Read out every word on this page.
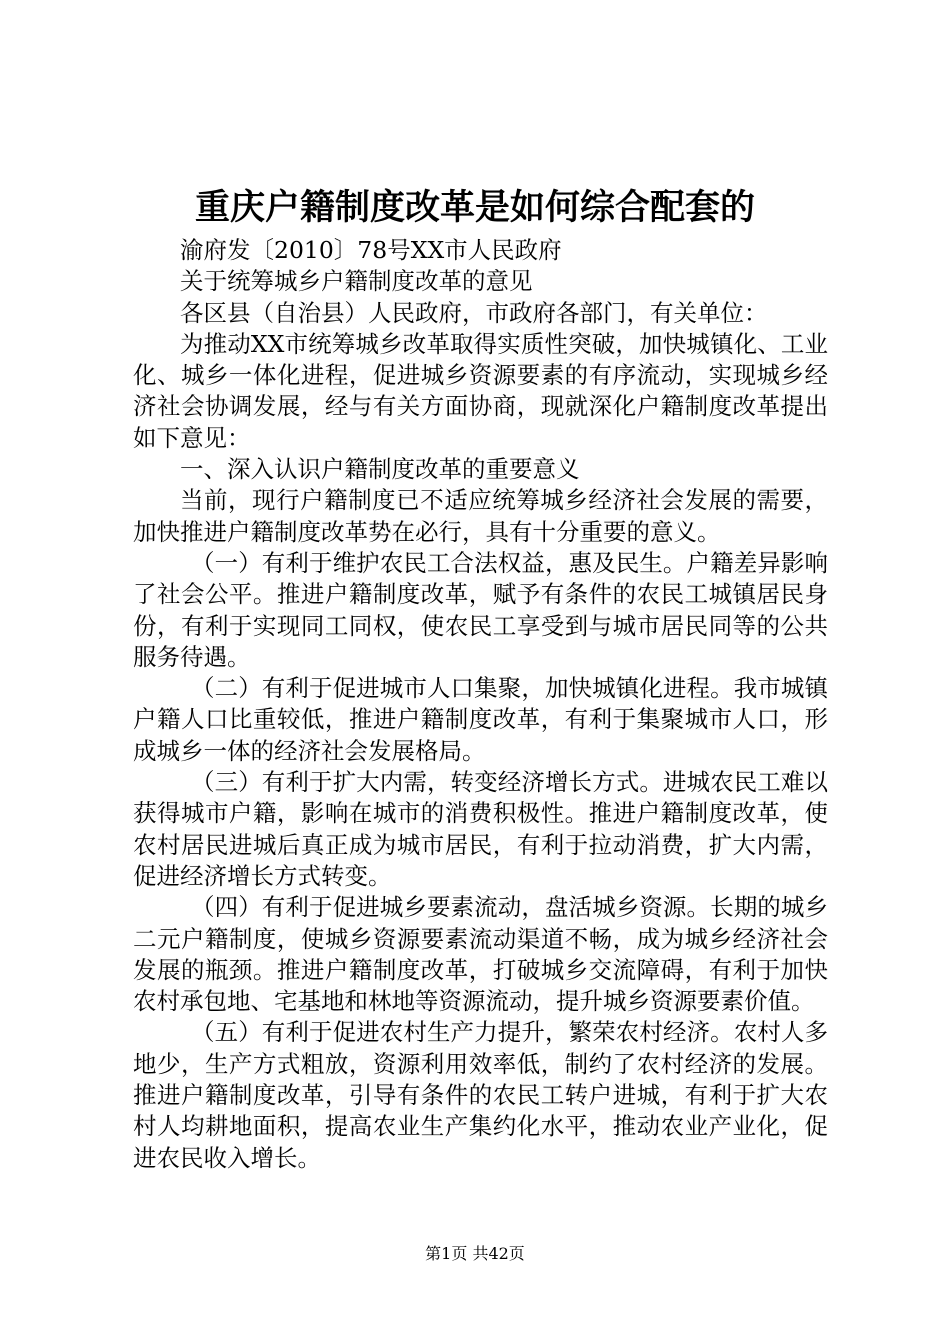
重庆户籍制度改革是如何综合配套的

渝府发〔2010〕78号XX市人民政府

关于统筹城乡户籍制度改革的意见

各区县（自治县）人民政府，市政府各部门，有关单位：

为推动XX市统筹城乡改革取得实质性突破，加快城镇化、工业化、城乡一体化进程，促进城乡资源要素的有序流动，实现城乡经济社会协调发展，经与有关方面协商，现就深化户籍制度改革提出如下意见：

一、深入认识户籍制度改革的重要意义

当前，现行户籍制度已不适应统筹城乡经济社会发展的需要，加快推进户籍制度改革势在必行，具有十分重要的意义。

（一）有利于维护农民工合法权益，惠及民生。户籍差异影响了社会公平。推进户籍制度改革，赋予有条件的农民工城镇居民身份，有利于实现同工同权，使农民工享受到与城市居民同等的公共服务待遇。

（二）有利于促进城市人口集聚，加快城镇化进程。我市城镇户籍人口比重较低，推进户籍制度改革，有利于集聚城市人口，形成城乡一体的经济社会发展格局。

（三）有利于扩大内需，转变经济增长方式。进城农民工难以获得城市户籍，影响在城市的消费积极性。推进户籍制度改革，使农村居民进城后真正成为城市居民，有利于拉动消费，扩大内需，促进经济增长方式转变。

（四）有利于促进城乡要素流动，盘活城乡资源。长期的城乡二元户籍制度，使城乡资源要素流动渠道不畅，成为城乡经济社会发展的瓶颈。推进户籍制度改革，打破城乡交流障碍，有利于加快农村承包地、宅基地和林地等资源流动，提升城乡资源要素价值。

（五）有利于促进农村生产力提升，繁荣农村经济。农村人多地少，生产方式粗放，资源利用效率低，制约了农村经济的发展。推进户籍制度改革，引导有条件的农民工转户进城，有利于扩大农村人均耕地面积，提高农业生产集约化水平，推动农业产业化，促进农民收入增长。

第1页 共42页
